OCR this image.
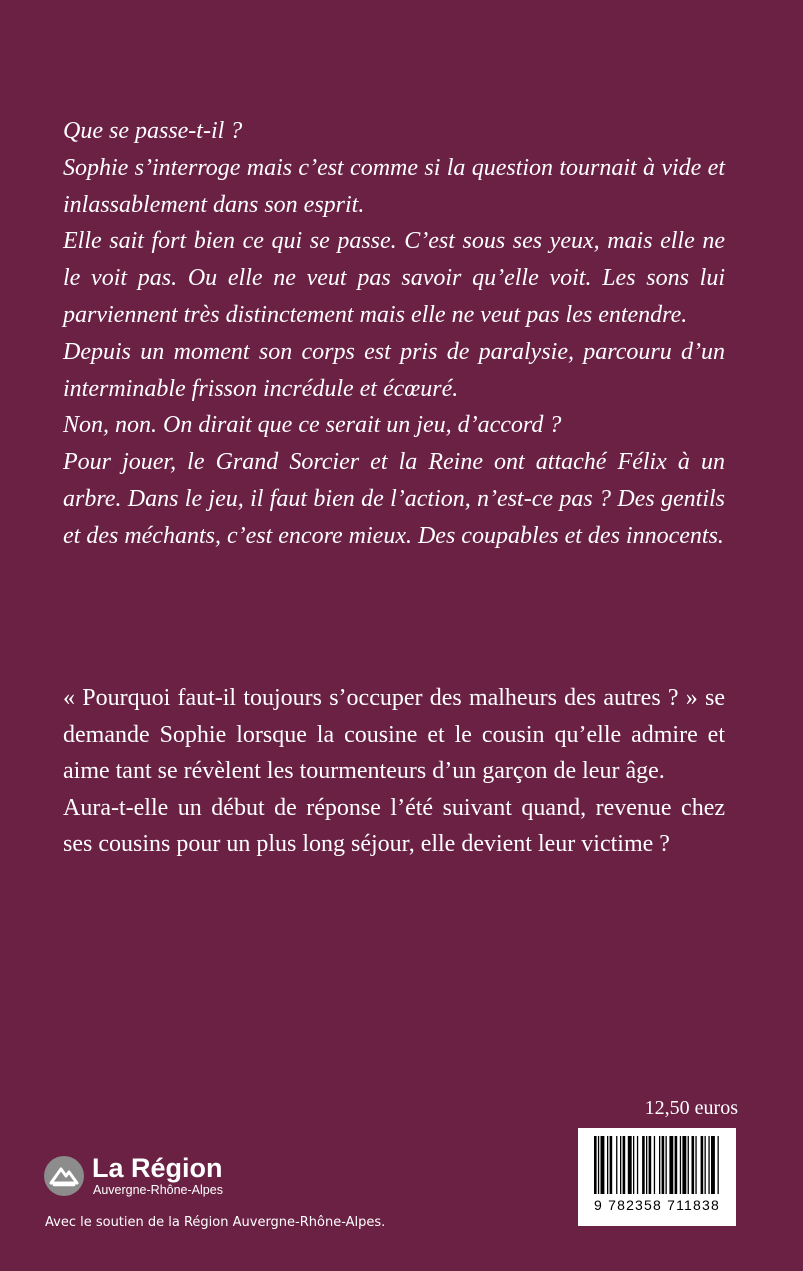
Que se passe-t-il ?

Sophie s’interroge mais c’est comme si la question tournait à vide et inlassablement dans son esprit.

Elle sait fort bien ce qui se passe. C’est sous ses yeux, mais elle ne le voit pas. Ou elle ne veut pas savoir qu’elle voit. Les sons lui parviennent très distinctement mais elle ne veut pas les entendre.

Depuis un moment son corps est pris de paralysie, parcouru d’un interminable frisson incrédule et écœuré.

Non, non. On dirait que ce serait un jeu, d’accord ?

Pour jouer, le Grand Sorcier et la Reine ont attaché Félix à un arbre. Dans le jeu, il faut bien de l’action, n’est-ce pas ? Des gentils et des méchants, c’est encore mieux. Des coupables et des innocents.

« Pourquoi faut-il toujours s’occuper des malheurs des autres ? » se demande Sophie lorsque la cousine et le cousin qu’elle admire et aime tant se révèlent les tourmenteurs d’un garçon de leur âge.

Aura-t-elle un début de réponse l’été suivant quand, revenue chez ses cousins pour un plus long séjour, elle devient leur victime ?

12,50 euros
9 782358 711838
La Région
Auvergne-Rhône-Alpes
Avec le soutien de la Région Auvergne-Rhône-Alpes.
